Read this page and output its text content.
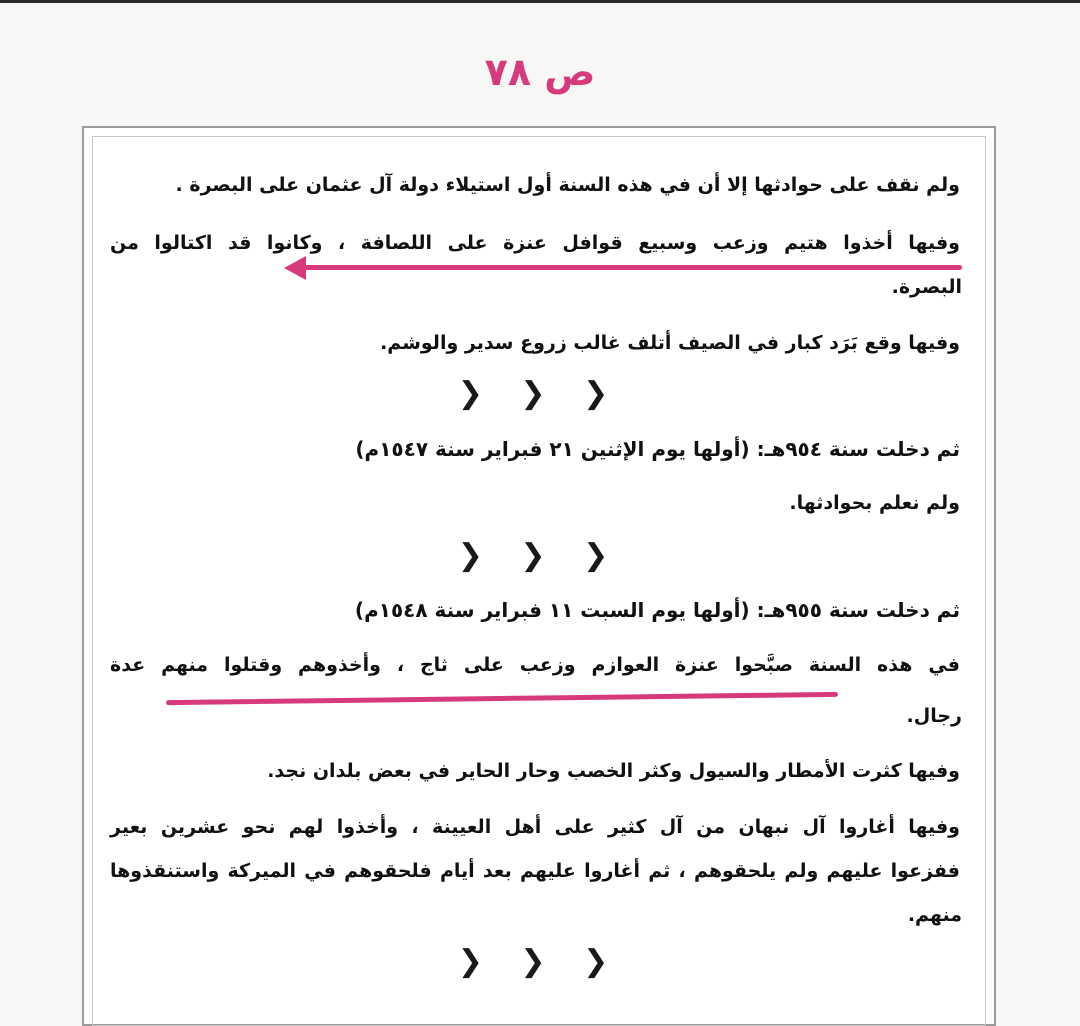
ص ٧٨
ولم نقف على حوادثها إلا أن في هذه السنة أول استيلاء دولة آل عثمان على البصرة .
وفيها أخذوا هتيم وزعب وسبيع قوافل عنزة على اللصافة ، وكانوا قد اكتالوا من
البصرة.
وفيها وقع بَرَد كبار في الصيف أتلف غالب زروع سدير والوشم.
❮ ❮ ❮
ثم دخلت سنة ٩٥٤هـ: (أولها يوم الإثنين ٢١ فبراير سنة ١٥٤٧م)
ولم نعلم بحوادثها.
❮ ❮ ❮
ثم دخلت سنة ٩٥٥هـ: (أولها يوم السبت ١١ فبراير سنة ١٥٤٨م)
في هذه السنة صبَّحوا عنزة العوازم وزعب على ثاج ، وأخذوهم وقتلوا منهم عدة
رجال.
وفيها كثرت الأمطار والسيول وكثر الخصب وحار الحاير في بعض بلدان نجد.
وفيها أغاروا آل نبهان من آل كثير على أهل العيينة ، وأخذوا لهم نحو عشرين بعير
ففزعوا عليهم ولم يلحقوهم ، ثم أغاروا عليهم بعد أيام فلحقوهم في الميركة واستنقذوها
منهم.
❮ ❮ ❮
